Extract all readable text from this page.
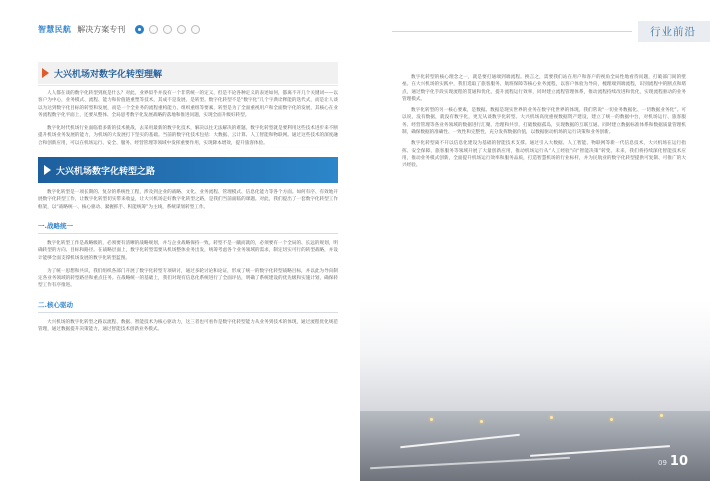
智慧民航 解决方案专刊	行业前沿
大兴机场对数字化转型理解

人人都在谈的数字化转型到底是什么？对此，业界似乎并没有一个非常统一的定义，但是不论各种定义的表述如何，都离不开几个关键词——以客户为中心，业务模式、流程、能力和价值链重塑等技术，其成不是发展、是转型。数字化转型不是“数字化”几个字典诠释能的迭代式，而是让人谈以为达到数字化目标的转型和发展，而是一个全业务的流程重构能力、组织重组等要素，转型是为了全面重视用户和全面数字化的发展，其核心在业务流程数字化平面上，还要从整体、全局思考数字化发展战略的落地和推进问题，实现全面升级好转型。

数字化时代机场行业面临着多新的技术挑战，去采用最新的数字化技术，解决以往无法解决的难题。数字化转型就是要利用这些技术进步来不断提升机场业务发展的能力，为机场的大发展打下坚实的基础。当前的数字化技术包括：大数据、云计算、人工智能和物联网。通过这些技术的深度融合和创新应用，可以在机场运行、安全、服务、经营管理等领域中发挥重要作用，实现降本增效，提升旅客体验。

大兴机场数字化转型之路

数字化转型是一项长期的、复杂的系统性工程，涉及到企业的战略、文化、业务流程、管理模式、信息化能力等各个方面。如何有序、有效地开展数字化转型工作，让数字化转型切实带来收益，让大兴机场走好数字化转型之路，是我们当前面临的课题。对此，我们提出了一套数字化转型工作框架，以“战略统一、核心驱动、紧握抓手、积能统筹”为主线，系统谋划转型工作。

一.战略统一

数字化转型工作是战略级的，必须要有清晰的战略规划，并与企业战略保持一致。转型不是一蹴而就的，必须要有一个全局的、长远的规划，明确转型的方向、目标和路径。在战略层面上，数字化转型需要从机场整体业务出发，统筹考虑各个业务领域的需求，制定切实可行的转型战略，并设计能够全面支撑机场发展的数字化转型蓝图。

为了统一思想和共识，我们组织各部门开展了数字化转型专项研讨，通过多轮讨论和论证，形成了统一的数字化转型战略目标，并以此为导向制定各业务领域的转型路径和重点任务。在战略统一的基础上，我们对现有信息化系统进行了全面评估，明确了系统建设的优先级和实施计划，确保转型工作有序推进。

二.核心驱动

大兴机场的数字化转型之路以流程、数据、智能技术为核心驱动力，这三者也可看作是数字化转型能力从业务到技术的体现，通过流程优化规范管理，通过数据提升决策能力，通过智能技术创新业务模式。

数字化转型的核心理念之一，就是要打通端到端流程。换言之，需要我们站在用户和客户的视角全局性地看待问题，打破部门间的壁垒。在大兴机场的实践中，我们选取了旅客服务、航班保障等核心业务流程，以客户体验为导向，梳理端到端流程，识别流程中的断点和堵点，通过数字化手段实现流程的贯通和优化，提升流程运行效率，同时建立流程管理体系，推动流程持续改进和优化，实现流程驱动的业务管理模式。

数字化转型的另一核心要素，是数据。数据是现实世界的业务在数字化世界的体现。我们常说“一切业务数据化、一切数据业务化”。可以说，没有数据，就没有数字化，更无从谈数字化转型。大兴机场高度重视数据资产建设，建立了统一的数据中台，对机场运行、旅客服务、经营管理等各业务领域的数据进行汇聚、治理和共享，打破数据孤岛，实现数据的互联互通。同时建立数据标准体系和数据质量管理机制，确保数据的准确性、一致性和完整性，充分发挥数据价值，以数据驱动机场的运行决策和业务创新。

数字化转型离不开以信息化建设为基础的智能技术支撑。通过引入大数据、人工智能、物联网等新一代信息技术，大兴机场在运行指挥、安全保障、旅客服务等领域开展了大量创新应用，推动机场运行从“人工经验”向“智能决策”转变。未来，我们将持续深化智能技术应用，推动业务模式创新，全面提升机场运行效率和服务品质，打造智慧机场的行业标杆，并为民航业的数字化转型提供可复制、可推广的大兴经验。

09 10
